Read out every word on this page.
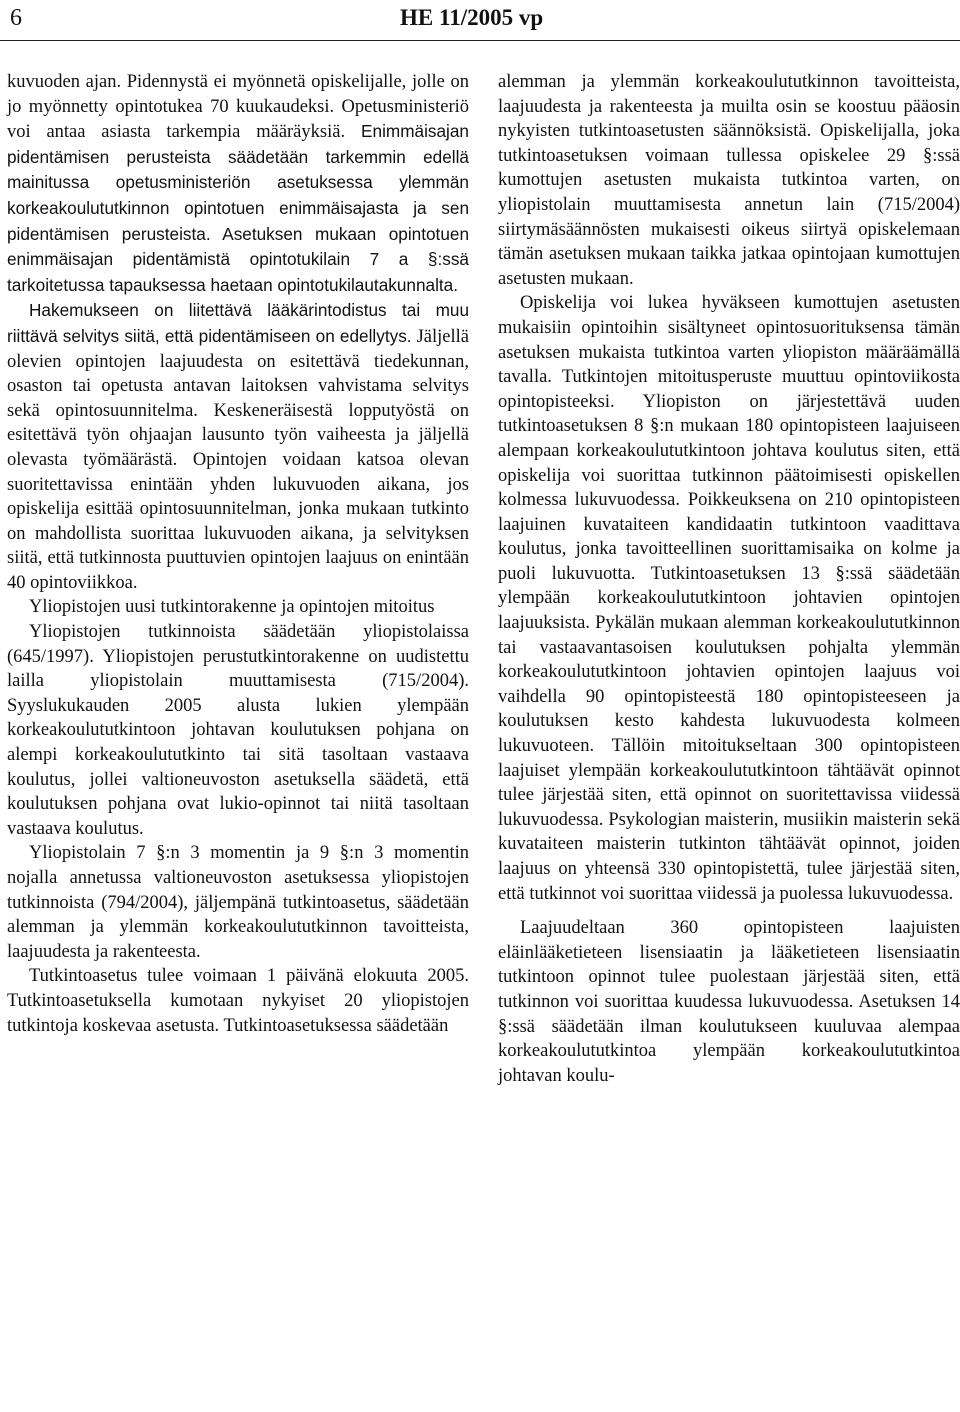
6	HE 11/2005 vp

kuvuoden ajan. Pidennystä ei myönnetä opiskelijalle, jolle on jo myönnetty opintotukea 70 kuukaudeksi. Opetusministeriö voi antaa asiasta tarkempia määräyksiä. Enimmäisajan pidentämisen perusteista säädetään tarkemmin edellä mainitussa opetusministeriön asetuksessa ylemmän korkeakoulututkinnon opintotuen enimmäisajasta ja sen pidentämisen perusteista. Asetuksen mukaan opintotuen enimmäisajan pidentämistä opintotukilain 7 a §:ssä tarkoitetussa tapauksessa haetaan opintotukilautakunnalta.

Hakemukseen on liitettävä lääkärintodistus tai muu riittävä selvitys siitä, että pidentämiseen on edellytys. Jäljellä olevien opintojen laajuudesta on esitettävä tiedekunnan, osaston tai opetusta antavan laitoksen vahvistama selvitys sekä opintosuunnitelma. Keskeneräisestä lopputyöstä on esitettävä työn ohjaajan lausunto työn vaiheesta ja jäljellä olevasta työmäärästä. Opintojen voidaan katsoa olevan suoritettavissa enintään yhden lukuvuoden aikana, jos opiskelija esittää opintosuunnitelman, jonka mukaan tutkinto on mahdollista suorittaa lukuvuoden aikana, ja selvityksen siitä, että tutkinnosta puuttuvien opintojen laajuus on enintään 40 opintoviikkoa.

Yliopistojen uusi tutkintorakenne ja opintojen mitoitus

Yliopistojen tutkinnoista säädetään yliopistolaissa (645/1997). Yliopistojen perustutkintorakenne on uudistettu lailla yliopistolain muuttamisesta (715/2004). Syyslukukauden 2005 alusta lukien ylempään korkeakoulututkintoon johtavan koulutuksen pohjana on alempi korkeakoulututkinto tai sitä tasoltaan vastaava koulutus, jollei valtioneuvoston asetuksella säädetä, että koulutuksen pohjana ovat lukio-opinnot tai niitä tasoltaan vastaava koulutus.

Yliopistolain 7 §:n 3 momentin ja 9 §:n 3 momentin nojalla annetussa valtioneuvoston asetuksessa yliopistojen tutkinnoista (794/2004), jäljempänä tutkintoasetus, säädetään alemman ja ylemmän korkeakoulututkinnon tavoitteista, laajuudesta ja rakenteesta.

Tutkintoasetus tulee voimaan 1 päivänä elokuuta 2005. Tutkintoasetuksella kumotaan nykyiset 20 yliopistojen tutkintoja koskevaa asetusta. Tutkintoasetuksessa säädetään

alemman ja ylemmän korkeakoulututkinnon tavoitteista, laajuudesta ja rakenteesta ja muilta osin se koostuu pääosin nykyisten tutkintoasetusten säännöksistä. Opiskelijalla, joka tutkintoasetuksen voimaan tullessa opiskelee 29 §:ssä kumottujen asetusten mukaista tutkintoa varten, on yliopistolain muuttamisesta annetun lain (715/2004) siirtymäsäännösten mukaisesti oikeus siirtyä opiskelemaan tämän asetuksen mukaan taikka jatkaa opintojaan kumottujen asetusten mukaan.

Opiskelija voi lukea hyväkseen kumottujen asetusten mukaisiin opintoihin sisältyneet opintosuorituksensa tämän asetuksen mukaista tutkintoa varten yliopiston määräämällä tavalla. Tutkintojen mitoitusperuste muuttuu opintoviikosta opintopisteeksi. Yliopiston on järjestettävä uuden tutkintoasetuksen 8 §:n mukaan 180 opintopisteen laajuiseen alempaan korkeakoulututkintoon johtava koulutus siten, että opiskelija voi suorittaa tutkinnon päätoimisesti opiskellen kolmessa lukuvuodessa. Poikkeuksena on 210 opintopisteen laajuinen kuvataiteen kandidaatin tutkintoon vaadittava koulutus, jonka tavoitteellinen suorittamisaika on kolme ja puoli lukuvuotta. Tutkintoasetuksen 13 §:ssä säädetään ylempään korkeakoulututkintoon johtavien opintojen laajuuksista. Pykälän mukaan alemman korkeakoulututkinnon tai vastaavantasoisen koulutuksen pohjalta ylemmän korkeakoulututkintoon johtavien opintojen laajuus voi vaihdella 90 opintopisteestä 180 opintopisteeseen ja koulutuksen kesto kahdesta lukuvuodesta kolmeen lukuvuoteen. Tällöin mitoitukseltaan 300 opintopisteen laajuiset ylempään korkeakoulututkintoon tähtäävät opinnot tulee järjestää siten, että opinnot on suoritettavissa viidessä lukuvuodessa. Psykologian maisterin, musiikin maisterin sekä kuvataiteen maisterin tutkinton tähtäävät opinnot, joiden laajuus on yhteensä 330 opintopistettä, tulee järjestää siten, että tutkinnot voi suorittaa viidessä ja puolessa lukuvuodessa.

Laajuudeltaan 360 opintopisteen laajuisten eläinlääketieteen lisensiaatin ja lääketieteen lisensiaatin tutkintoon opinnot tulee puolestaan järjestää siten, että tutkinnon voi suorittaa kuudessa lukuvuodessa. Asetuksen 14 §:ssä säädetään ilman koulutukseen kuuluvaa alempaa korkeakoulututkintoa ylempään korkeakoulututkintoa johtavan koulu-
